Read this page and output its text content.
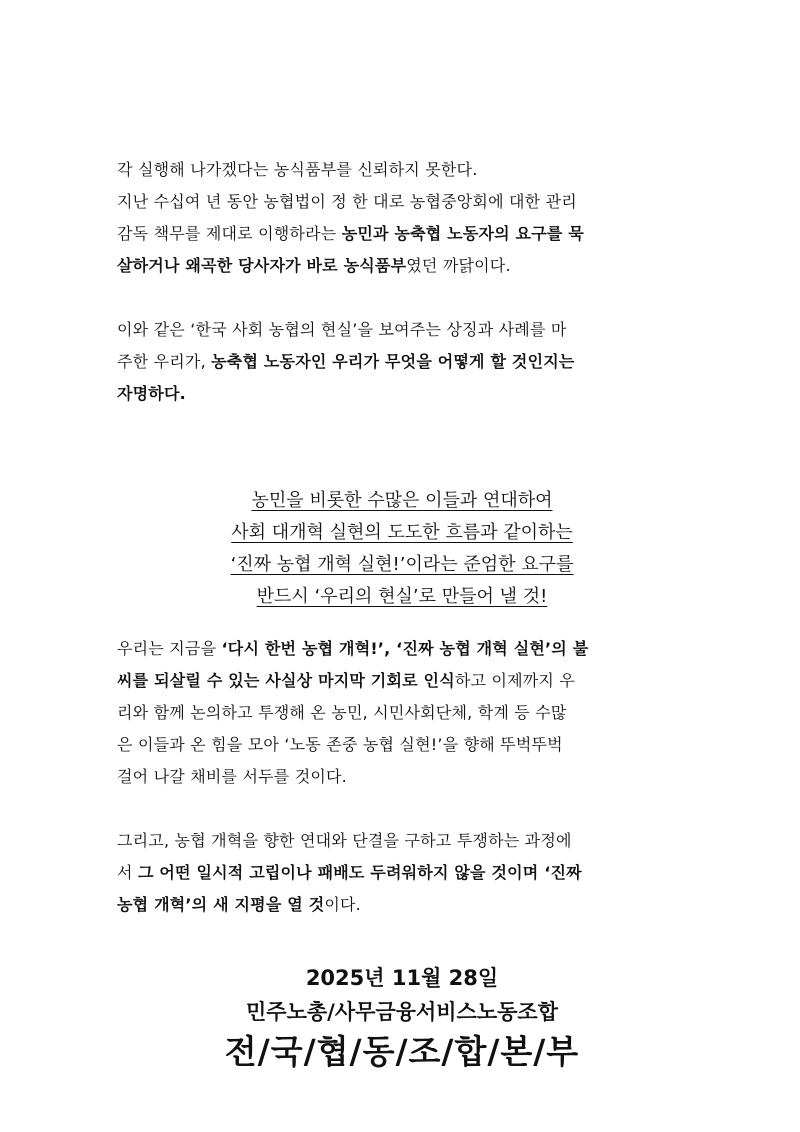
각 실행해 나가겠다는 농식품부를 신뢰하지 못한다.
지난 수십여 년 동안 농협법이 정 한 대로 농협중앙회에 대한 관리
감독 책무를 제대로 이행하라는 농민과 농축협 노동자의 요구를 묵
살하거나 왜곡한 당사자가 바로 농식품부였던 까닭이다.
이와 같은 ‘한국 사회 농협의 현실’을 보여주는 상징과 사례를 마
주한 우리가, 농축협 노동자인 우리가 무엇을 어떻게 할 것인지는
자명하다.
농민을 비롯한 수많은 이들과 연대하여
사회 대개혁 실현의 도도한 흐름과 같이하는
‘진짜 농협 개혁 실현!’이라는 준엄한 요구를
반드시 ‘우리의 현실’로 만들어 낼 것!
우리는 지금을 ‘다시 한번 농협 개혁!’, ‘진짜 농협 개혁 실현’의 불
씨를 되살릴 수 있는 사실상 마지막 기회로 인식하고 이제까지 우
리와 함께 논의하고 투쟁해 온 농민, 시민사회단체, 학계 등 수많
은 이들과 온 힘을 모아 ‘노동 존중 농협 실현!’을 향해 뚜벅뚜벅
걸어 나갈 채비를 서두를 것이다.
그리고, 농협 개혁을 향한 연대와 단결을 구하고 투쟁하는 과정에
서 그 어떤 일시적 고립이나 패배도 두려워하지 않을 것이며 ‘진짜
농협 개혁’의 새 지평을 열 것이다.
2025년 11월 28일
민주노총/사무금융서비스노동조합
전/국/협/동/조/합/본/부
